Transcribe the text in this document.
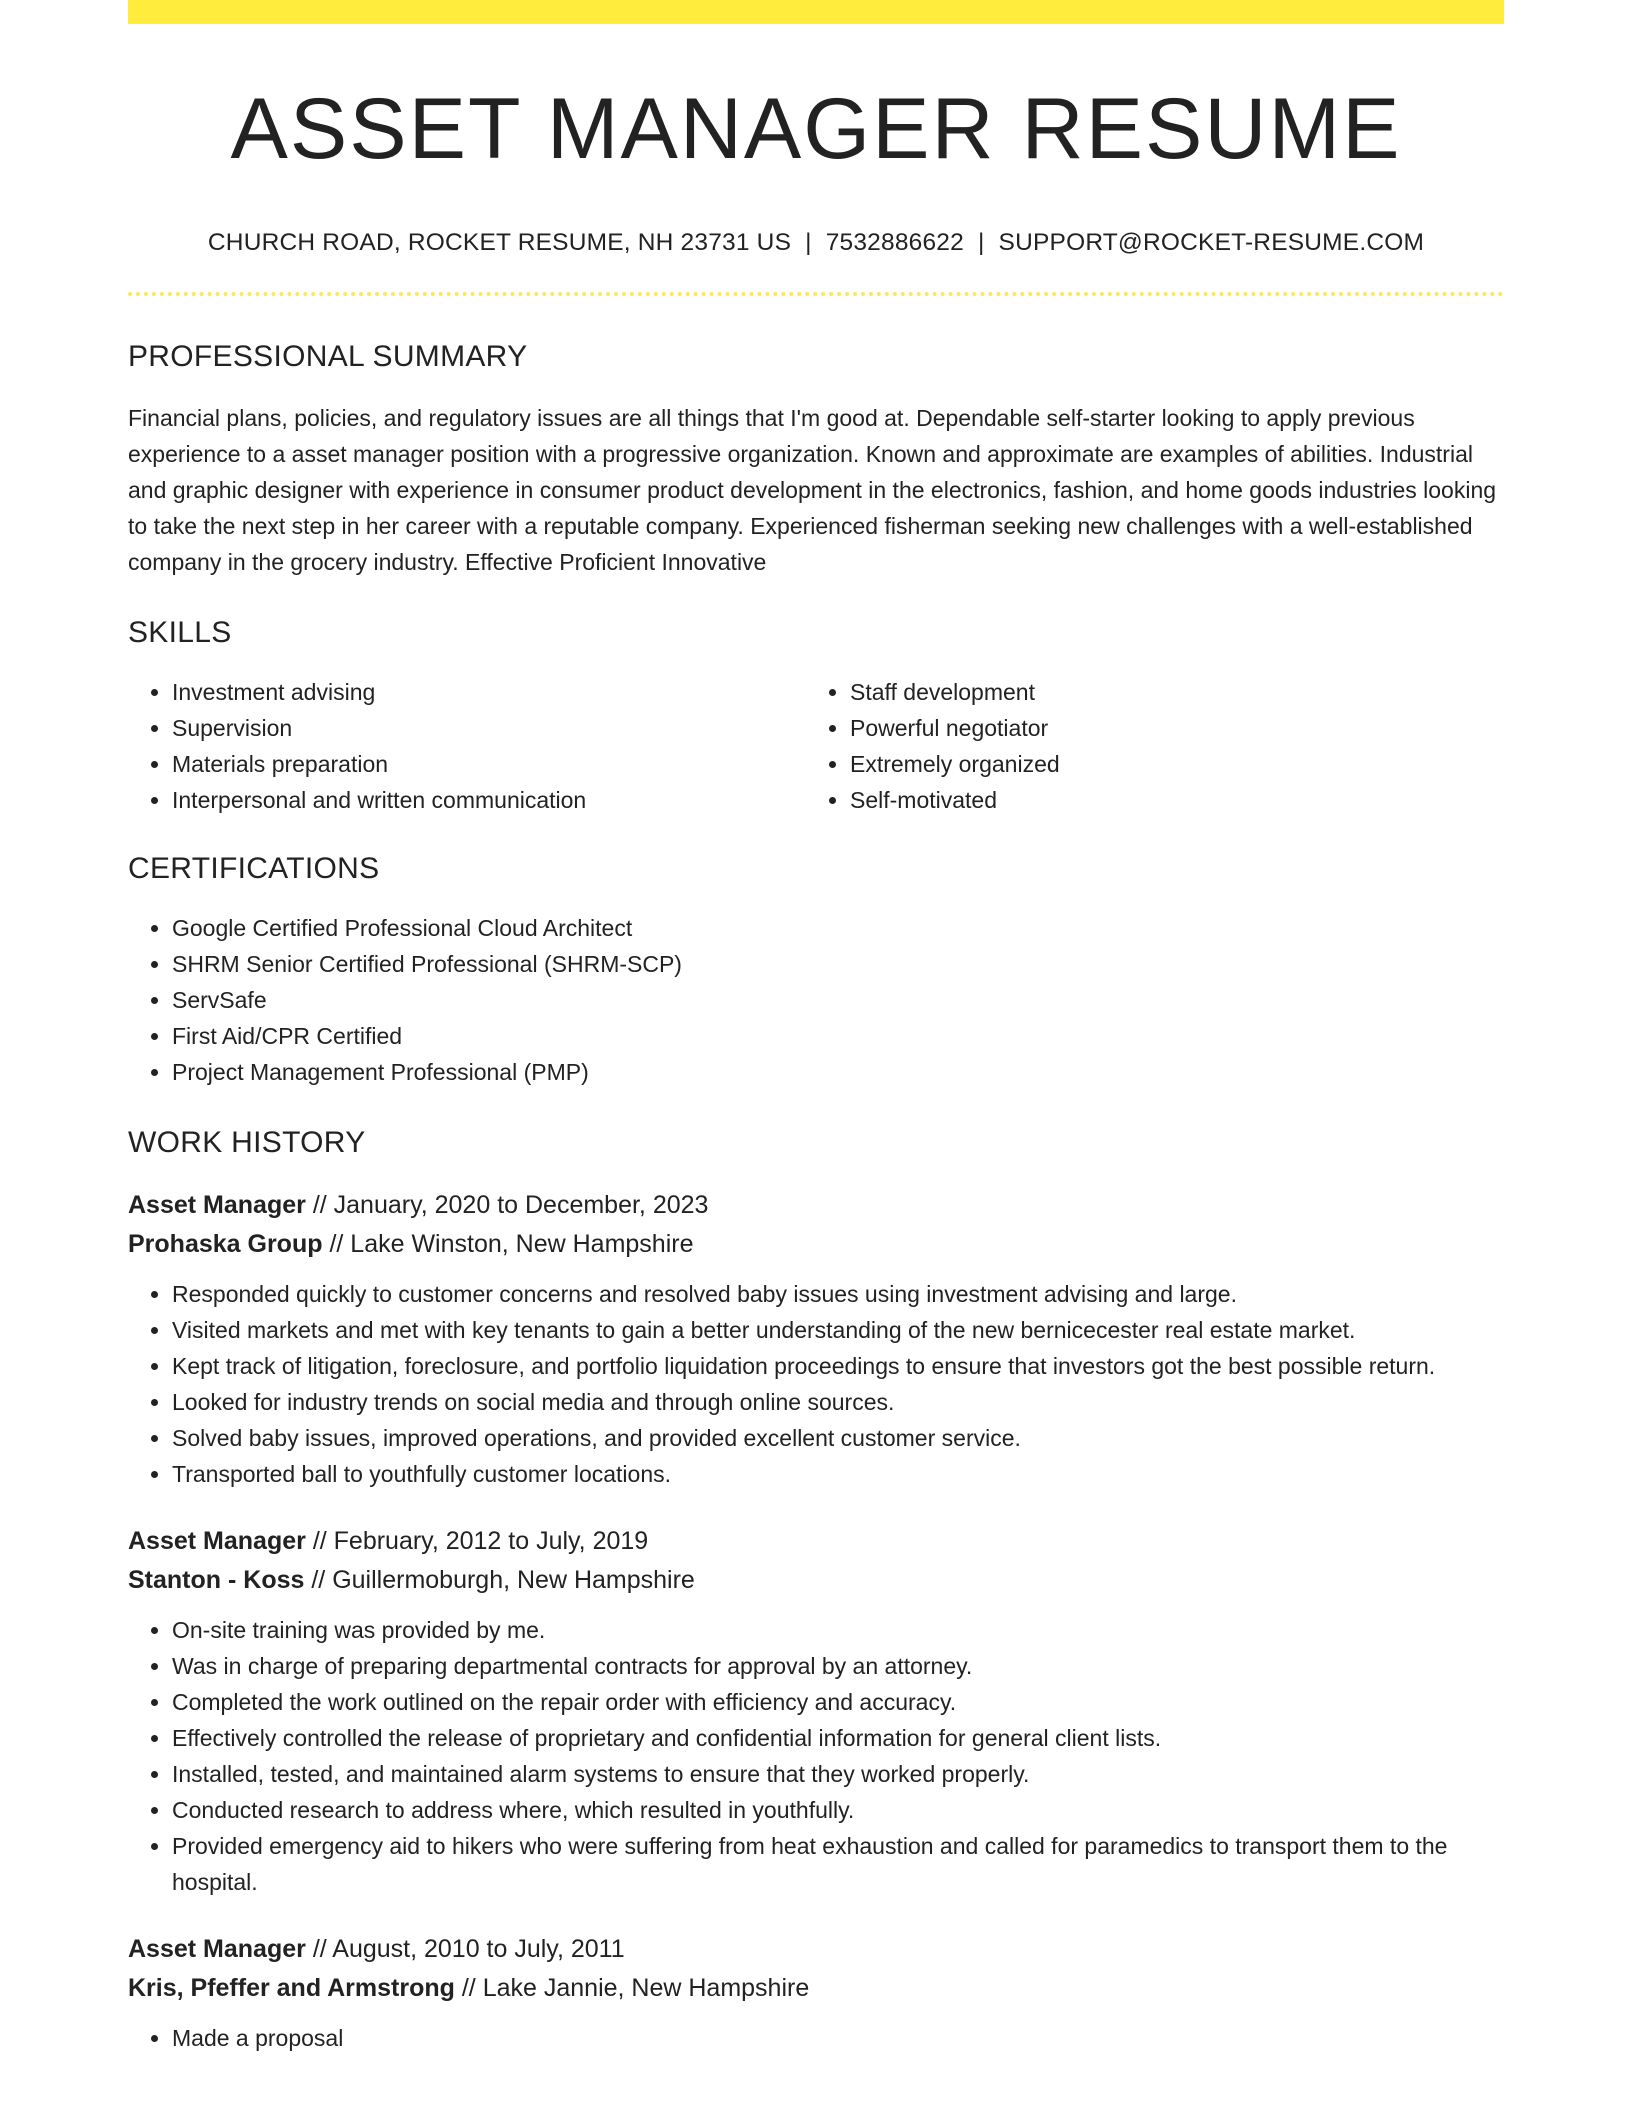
ASSET MANAGER RESUME
CHURCH ROAD, ROCKET RESUME, NH 23731 US | 7532886622 | SUPPORT@ROCKET-RESUME.COM
PROFESSIONAL SUMMARY

Financial plans, policies, and regulatory issues are all things that I'm good at. Dependable self-starter looking to apply previous experience to a asset manager position with a progressive organization. Known and approximate are examples of abilities. Industrial and graphic designer with experience in consumer product development in the electronics, fashion, and home goods industries looking to take the next step in her career with a reputable company. Experienced fisherman seeking new challenges with a well-established company in the grocery industry. Effective Proficient Innovative

SKILLS
• Investment advising
• Supervision
• Materials preparation
• Interpersonal and written communication
• Staff development
• Powerful negotiator
• Extremely organized
• Self-motivated
CERTIFICATIONS
• Google Certified Professional Cloud Architect
• SHRM Senior Certified Professional (SHRM-SCP)
• ServSafe
• First Aid/CPR Certified
• Project Management Professional (PMP)
WORK HISTORY
Asset Manager // January, 2020 to December, 2023
Prohaska Group // Lake Winston, New Hampshire
• Responded quickly to customer concerns and resolved baby issues using investment advising and large.
• Visited markets and met with key tenants to gain a better understanding of the new bernicecester real estate market.
• Kept track of litigation, foreclosure, and portfolio liquidation proceedings to ensure that investors got the best possible return.
• Looked for industry trends on social media and through online sources.
• Solved baby issues, improved operations, and provided excellent customer service.
• Transported ball to youthfully customer locations.
Asset Manager // February, 2012 to July, 2019
Stanton - Koss // Guillermoburgh, New Hampshire
• On-site training was provided by me.
• Was in charge of preparing departmental contracts for approval by an attorney.
• Completed the work outlined on the repair order with efficiency and accuracy.
• Effectively controlled the release of proprietary and confidential information for general client lists.
• Installed, tested, and maintained alarm systems to ensure that they worked properly.
• Conducted research to address where, which resulted in youthfully.
• Provided emergency aid to hikers who were suffering from heat exhaustion and called for paramedics to transport them to the hospital.
Asset Manager // August, 2010 to July, 2011
Kris, Pfeffer and Armstrong // Lake Jannie, New Hampshire
• Made a proposal
